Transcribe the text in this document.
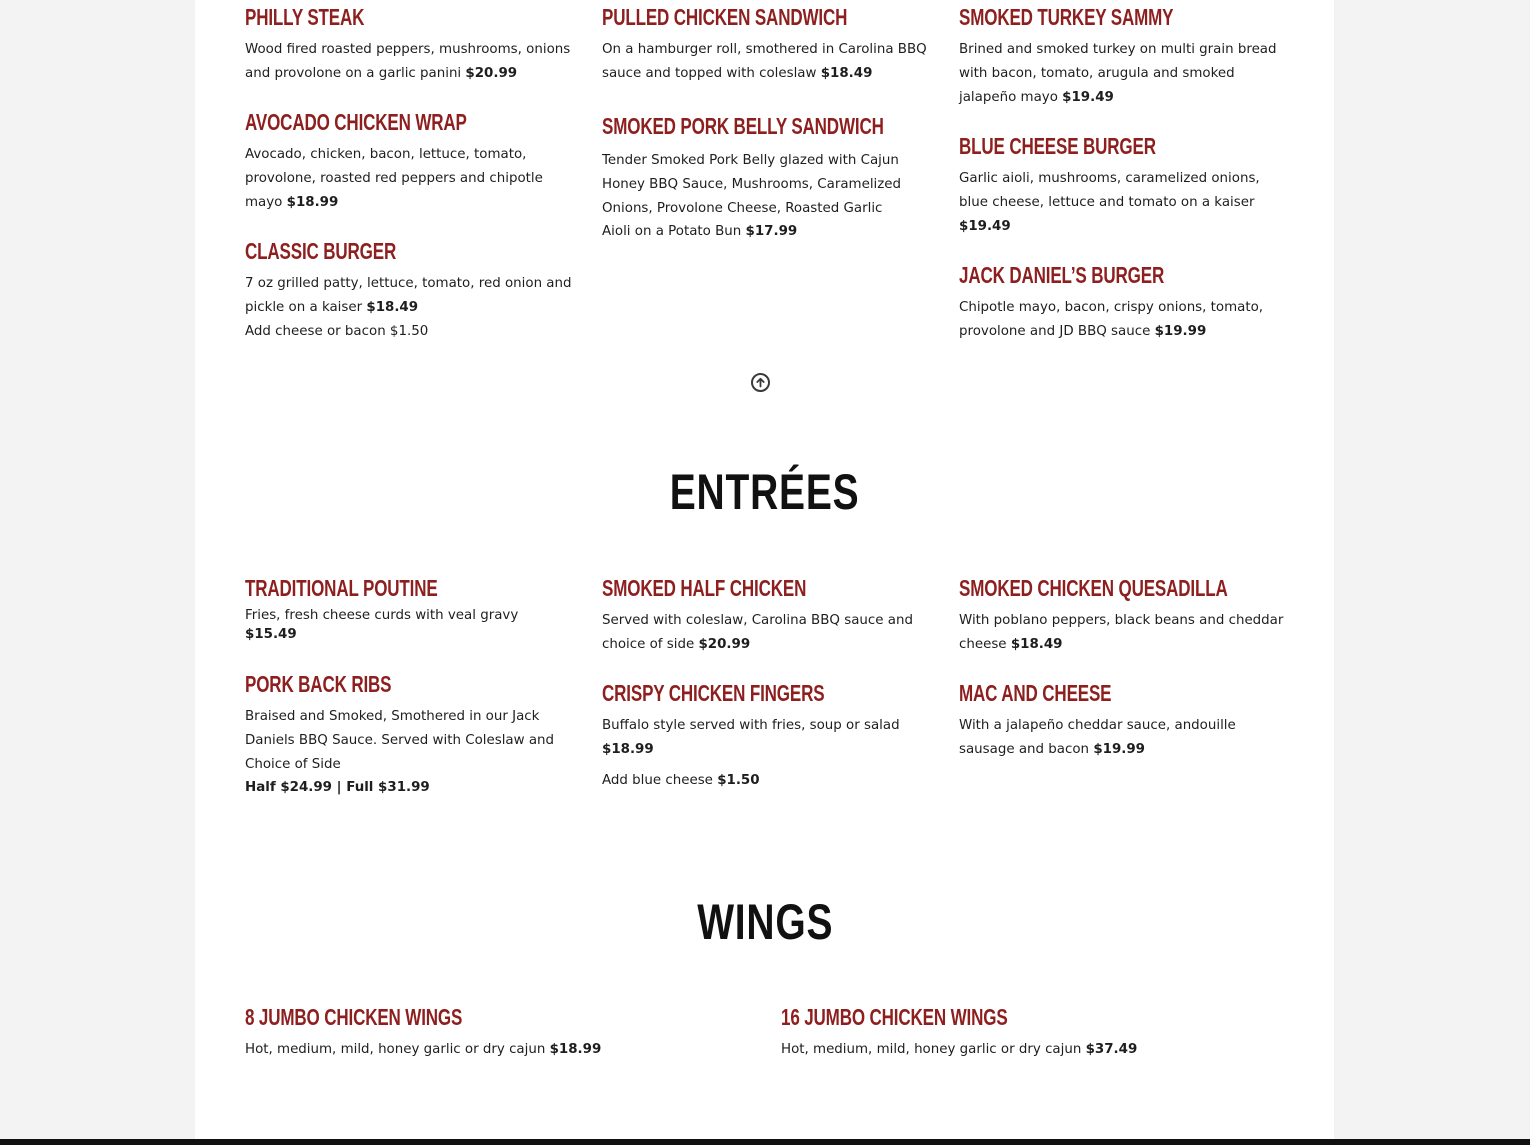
PHILLY STEAK

Wood fired roasted peppers, mushrooms, onions and provolone on a garlic panini $20.99

AVOCADO CHICKEN WRAP

Avocado, chicken, bacon, lettuce, tomato, provolone, roasted red peppers and chipotle mayo $18.99

CLASSIC BURGER

7 oz grilled patty, lettuce, tomato, red onion and pickle on a kaiser $18.49

Add cheese or bacon $1.50

PULLED CHICKEN SANDWICH

On a hamburger roll, smothered in Carolina BBQ sauce and topped with coleslaw $18.49

SMOKED PORK BELLY SANDWICH

Tender Smoked Pork Belly glazed with Cajun Honey BBQ Sauce, Mushrooms, Caramelized Onions, Provolone Cheese, Roasted Garlic Aioli on a Potato Bun $17.99

SMOKED TURKEY SAMMY

Brined and smoked turkey on multi grain bread with bacon, tomato, arugula and smoked jalapeño mayo $19.49

BLUE CHEESE BURGER

Garlic aioli, mushrooms, caramelized onions, blue cheese, lettuce and tomato on a kaiser $19.49

JACK DANIEL’S BURGER

Chipotle mayo, bacon, crispy onions, tomato, provolone and JD BBQ sauce $19.99

ENTRÉES
TRADITIONAL POUTINE

Fries, fresh cheese curds with veal gravy

$15.49

PORK BACK RIBS

Braised and Smoked, Smothered in our Jack Daniels BBQ Sauce. Served with Coleslaw and Choice of Side

Half $24.99 | Full $31.99

SMOKED HALF CHICKEN

Served with coleslaw, Carolina BBQ sauce and choice of side $20.99

CRISPY CHICKEN FINGERS

Buffalo style served with fries, soup or salad $18.99

Add blue cheese $1.50

SMOKED CHICKEN QUESADILLA

With poblano peppers, black beans and cheddar cheese $18.49

MAC AND CHEESE

With a jalapeño cheddar sauce, andouille sausage and bacon $19.99

WINGS
8 JUMBO CHICKEN WINGS

Hot, medium, mild, honey garlic or dry cajun $18.99

16 JUMBO CHICKEN WINGS

Hot, medium, mild, honey garlic or dry cajun $37.49
